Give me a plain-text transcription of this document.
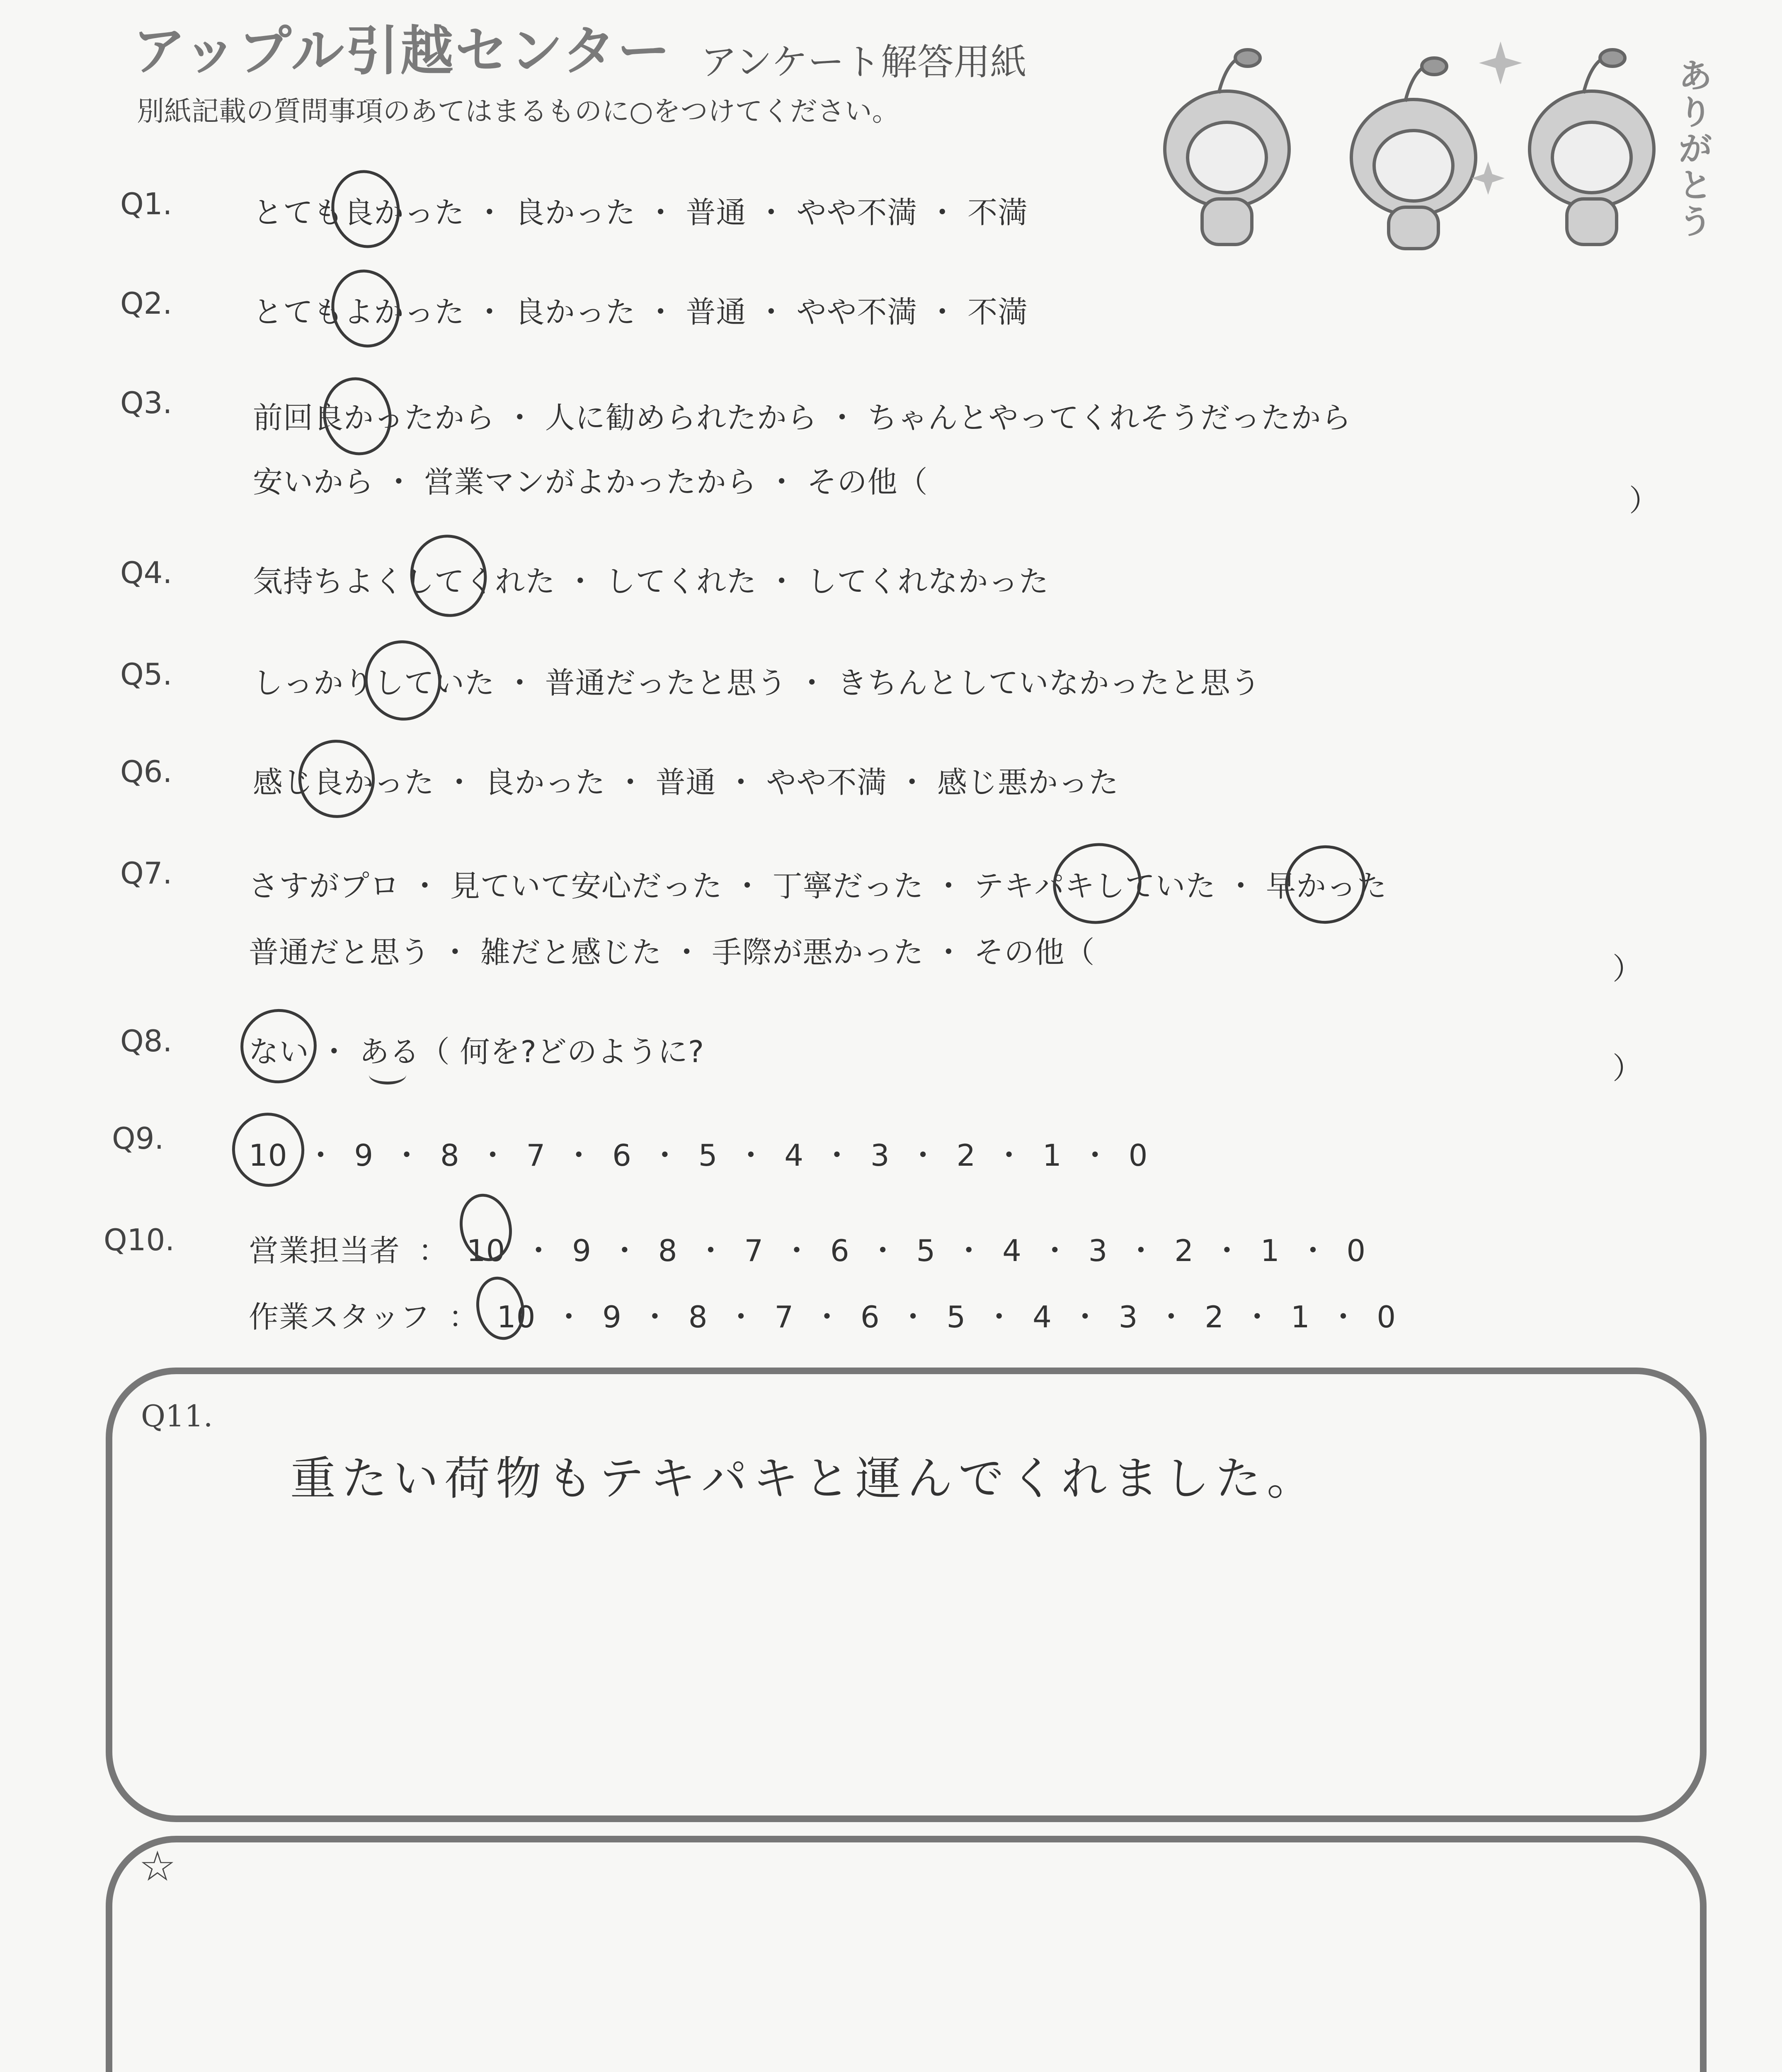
アップル引越センター アンケート解答用紙
別紙記載の質問事項のあてはまるものに○をつけてください。
ありがとう
Q1.	とても良かった ・ 良かった ・ 普通 ・ やや不満 ・ 不満
Q2.	とてもよかった ・ 良かった ・ 普通 ・ やや不満 ・ 不満
Q3.	前回良かったから ・ 人に勧められたから ・ ちゃんとやってくれそうだったから
安いから ・ 営業マンがよかったから ・ その他（
）
Q4.	気持ちよくしてくれた ・ してくれた ・ してくれなかった
Q5.	しっかりしていた ・ 普通だったと思う ・ きちんとしていなかったと思う
Q6.	感じ良かった ・ 良かった ・ 普通 ・ やや不満 ・ 感じ悪かった
Q7.	さすがプロ ・ 見ていて安心だった ・ 丁寧だった ・ テキパキしていた ・ 早かった
普通だと思う ・ 雑だと感じた ・ 手際が悪かった ・ その他（	）
Q8.	ない ・ ある（ 何を?どのように?	）
Q9.	10 ・ 9 ・ 8 ・ 7 ・ 6 ・ 5 ・ 4 ・ 3 ・ 2 ・ 1 ・ 0
Q10. 営業担当者 ： 10 ・ 9 ・ 8 ・ 7 ・ 6 ・ 5 ・ 4 ・ 3 ・ 2 ・ 1 ・ 0
作業スタッフ ： 10 ・ 9 ・ 8 ・ 7 ・ 6 ・ 5 ・ 4 ・ 3 ・ 2 ・ 1 ・ 0
Q11.
重たい荷物もテキパキと運んでくれました。
☆
